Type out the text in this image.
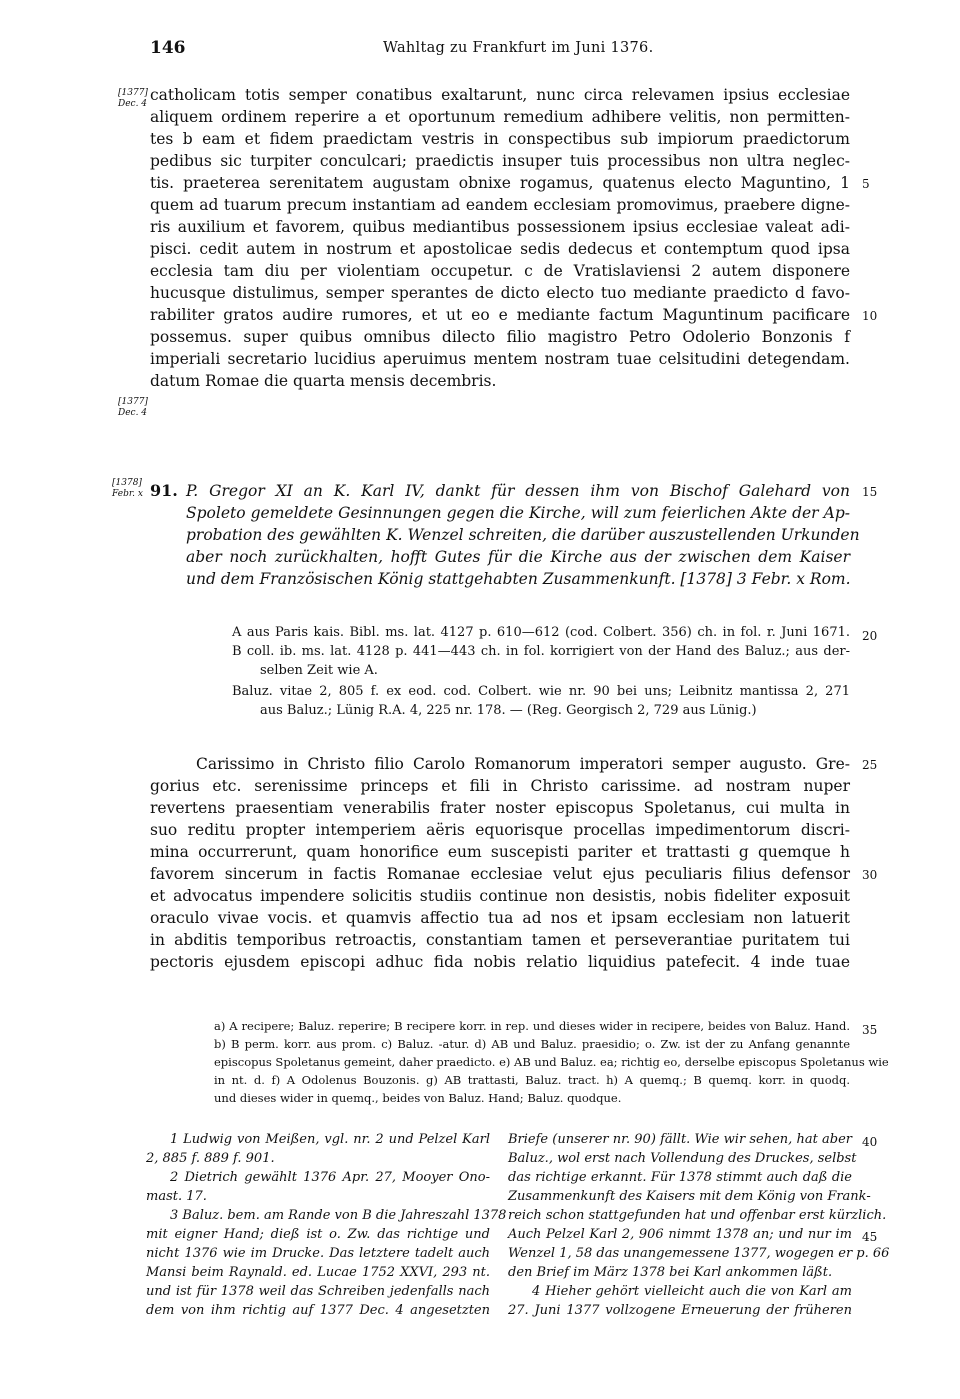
146	Wahltag zu Frankfurt im Juni 1376.
[1377]
Dec. 4
[1377]
Dec. 4
[1378]
Febr. x
catholicam totis semper conatibus exaltarunt, nunc circa relevamen ipsius ecclesiae
aliquem ordinem reperire a et oportunum remedium adhibere velitis, non permitten-
tes b eam et fidem praedictam vestris in conspectibus sub impiorum praedictorum
pedibus sic turpiter conculcari; praedictis insuper tuis processibus non ultra neglec-
tis. praeterea serenitatem augustam obnixe rogamus, quatenus electo Maguntino, 1
quem ad tuarum precum instantiam ad eandem ecclesiam promovimus, praebere digne-
ris auxilium et favorem, quibus mediantibus possessionem ipsius ecclesiae valeat adi-
pisci. cedit autem in nostrum et apostolicae sedis dedecus et contemptum quod ipsa
ecclesia tam diu per violentiam occupetur. c de Vratislaviensi 2 autem disponere
hucusque distulimus, semper sperantes de dicto electo tuo mediante praedicto d favo-
rabiliter gratos audire rumores, et ut eo e mediante factum Maguntinum pacificare
possemus. super quibus omnibus dilecto filio magistro Petro Odolerio Bonzonis f
imperiali secretario lucidius aperuimus mentem nostram tuae celsitudini detegendam.
datum Romae die quarta mensis decembris.
5
10
91. P. Gregor XI an K. Karl IV, dankt für dessen ihm von Bischof Galehard von
Spoleto gemeldete Gesinnungen gegen die Kirche, will zum feierlichen Akte der Ap-
probation des gewählten K. Wenzel schreiten, die darüber auszustellenden Urkunden
aber noch zurückhalten, hofft Gutes für die Kirche aus der zwischen dem Kaiser
und dem Französischen König stattgehabten Zusammenkunft. [1378] 3 Febr. x Rom.
15
A aus Paris kais. Bibl. ms. lat. 4127 p. 610—612 (cod. Colbert. 356) ch. in fol. r. Juni 1671.
B coll. ib. ms. lat. 4128 p. 441—443 ch. in fol. korrigiert von der Hand des Baluz.; aus der-
selben Zeit wie A.
Baluz. vitae 2, 805 f. ex eod. cod. Colbert. wie nr. 90 bei uns; Leibnitz mantissa 2, 271
aus Baluz.; Lünig R.A. 4, 225 nr. 178. — (Reg. Georgisch 2, 729 aus Lünig.)
20
Carissimo in Christo filio Carolo Romanorum imperatori semper augusto. Gre-
gorius etc. serenissime princeps et fili in Christo carissime. ad nostram nuper
revertens praesentiam venerabilis frater noster episcopus Spoletanus, cui multa in
suo reditu propter intemperiem aëris equorisque procellas impedimentorum discri-
mina occurrerunt, quam honorifice eum suscepisti pariter et trattasti g quemque h
favorem sincerum in factis Romanae ecclesiae velut ejus peculiaris filius defensor
et advocatus impendere solicitis studiis continue non desistis, nobis fideliter exposuit
oraculo vivae vocis. et quamvis affectio tua ad nos et ipsam ecclesiam non latuerit
in abditis temporibus retroactis, constantiam tamen et perseverantiae puritatem tui
pectoris ejusdem episcopi adhuc fida nobis relatio liquidius patefecit. 4 inde tuae
25
30
a) A recipere; Baluz. reperire; B recipere korr. in rep. und dieses wider in recipere, beides von Baluz. Hand.
b) B perm. korr. aus prom. c) Baluz. -atur. d) AB und Baluz. praesidio; o. Zw. ist der zu Anfang genannte
episcopus Spoletanus gemeint, daher praedicto. e) AB und Baluz. ea; richtig eo, derselbe episcopus Spoletanus wie
in nt. d. f) A Odolenus Bouzonis. g) AB trattasti, Baluz. tract. h) A quemq.; B quemq. korr. in quodq.
und dieses wider in quemq., beides von Baluz. Hand; Baluz. quodque.
35
1 Ludwig von Meißen, vgl. nr. 2 und Pelzel Karl
2, 885 f. 889 f. 901.
2 Dietrich gewählt 1376 Apr. 27, Mooyer Ono-
mast. 17.
3 Baluz. bem. am Rande von B die Jahreszahl 1378
mit eigner Hand; dieß ist o. Zw. das richtige und
nicht 1376 wie im Drucke. Das letztere tadelt auch
Mansi beim Raynald. ed. Lucae 1752 XXVI, 293 nt.
und ist für 1378 weil das Schreiben jedenfalls nach
dem von ihm richtig auf 1377 Dec. 4 angesetzten
Briefe (unserer nr. 90) fällt. Wie wir sehen, hat aber
Baluz., wol erst nach Vollendung des Druckes, selbst
das richtige erkannt. Für 1378 stimmt auch daß die
Zusammenkunft des Kaisers mit dem König von Frank-
reich schon stattgefunden hat und offenbar erst kürzlich.
Auch Pelzel Karl 2, 906 nimmt 1378 an; und nur im
Wenzel 1, 58 das unangemessene 1377, wogegen er p. 66
den Brief im März 1378 bei Karl ankommen läßt.
4 Hieher gehört vielleicht auch die von Karl am
27. Juni 1377 vollzogene Erneuerung der früheren
40
45
